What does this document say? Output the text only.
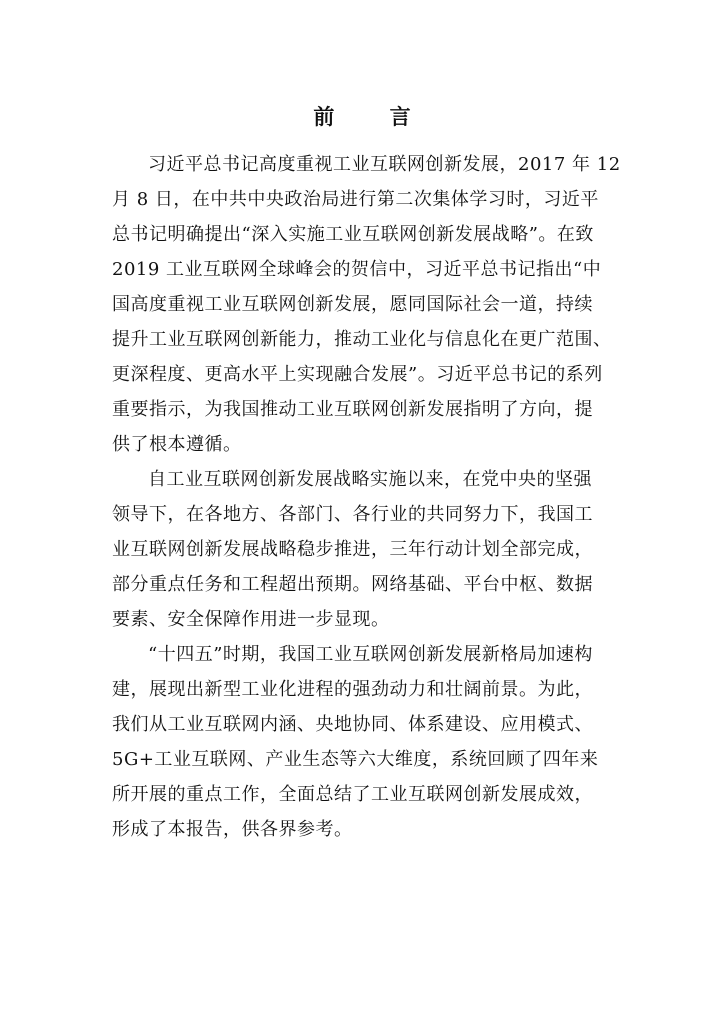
前 言
习近平总书记高度重视工业互联网创新发展，2017 年 12
月 8 日，在中共中央政治局进行第二次集体学习时，习近平
总书记明确提出“深入实施工业互联网创新发展战略”。在致
2019 工业互联网全球峰会的贺信中，习近平总书记指出“中
国高度重视工业互联网创新发展，愿同国际社会一道，持续
提升工业互联网创新能力，推动工业化与信息化在更广范围、
更深程度、更高水平上实现融合发展”。习近平总书记的系列
重要指示，为我国推动工业互联网创新发展指明了方向，提
供了根本遵循。
自工业互联网创新发展战略实施以来，在党中央的坚强
领导下，在各地方、各部门、各行业的共同努力下，我国工
业互联网创新发展战略稳步推进，三年行动计划全部完成，
部分重点任务和工程超出预期。网络基础、平台中枢、数据
要素、安全保障作用进一步显现。
“十四五”时期，我国工业互联网创新发展新格局加速构
建，展现出新型工业化进程的强劲动力和壮阔前景。为此，
我们从工业互联网内涵、央地协同、体系建设、应用模式、
5G+工业互联网、产业生态等六大维度，系统回顾了四年来
所开展的重点工作，全面总结了工业互联网创新发展成效，
形成了本报告，供各界参考。
